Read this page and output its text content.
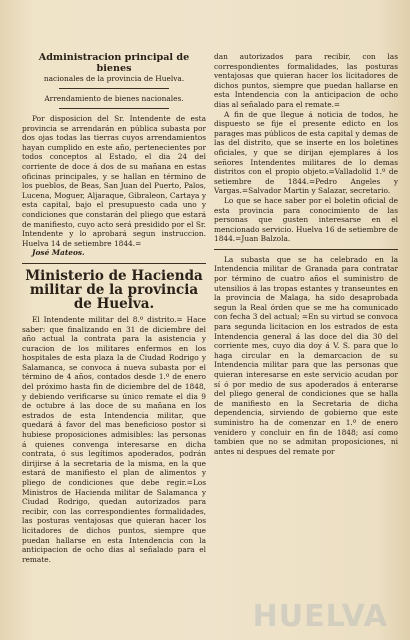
Administracion principal de bienes

nacionales de la provincia de Huelva.

Arrendamiento de bienes nacionales.

Por disposicion del Sr. Intendente de esta provincia se arrendarán en pública subasta por dos ojas todas las tierras cuyos arrendamientos hayan cumplido en este año, pertenecientes por todos conceptos al Estado, el dia 24 del corriente de doce á dos de su mañana en estas oficinas principales, y se hallan en término de los pueblos, de Beas, San Juan del Puerto, Palos, Lucena, Moguer, Aljaraque, Gibraleon, Cartaya y esta capital, bajo el presupuesto cada uno y condiciones que constarán del pliego que estará de manifiesto, cuyo acto será presidido por el Sr. Intendente y lo aprobará segun instruccion. Huelva 14 de setiembre 1844.=

José Mateos.

Ministerio de Hacienda militar de la provincia de Huelva.

El Intendente militar del 8.º distrito.= Hace saber: que finalizando en 31 de diciembre del año actual la contrata para la asistencia y curacion de los militares enfermos en los hospitales de esta plaza la de Ciudad Rodrigo y Salamanca, se convoca á nueva subasta por el término de 4 años, contados desde 1.º de enero del próximo hasta fin de diciembre del de 1848, y debiendo verificarse su único remate el dia 9 de octubre á las doce de su mañana en los estrados de esta Intendencia militar, que quedará á favor del mas beneficioso postor si hubiese proposiciones admisibles: las personas á quienes convenga interesarse en dicha contrata, ó sus legítimos apoderados, podrán dirijirse á la secretaria de la misma, en la que estará de manifiesto el plan de alimentos y pliego de condiciones que debe regir.=Los Ministros de Hacienda militar de Salamanca y Ciudad Rodrigo, quedan autorizados para recibir, con las correspondientes formalidades, las posturas ventajosas que quieran hacer los licitadores de dichos puntos, siempre que puedan hallarse en esta Intendencia con la anticipacion de ocho dias al señalado para el remate.

dan autorizados para recibir, con las correspondientes formalidades, las posturas ventajosas que quieran hacer los licitadores de dichos puntos, siempre que puedan hallarse en esta Intendencia con la anticipacion de ocho dias al señalado para el remate.=

A fin de que llegue á noticia de todos, he dispuesto se fije el presente edicto en los parages mas públicos de esta capital y demas de las del distrito, que se inserte en los boletines oficiales, y que se dirijan ejemplares á los señores Intendentes militares de lo demas distritos con el propio objeto.=Valladolid 1.º de setiembre de 1844.=Pedro Angeles y Vargas.=Salvador Martin y Salazar, secretario.

Lo que se hace saber por el boletin oficial de esta provincia para conocimiento de las personas que gusten interesarse en el mencionado servicio. Huelva 16 de setiembre de 1844.=Juan Balzola.

La subasta que se ha celebrado en la Intendencia militar de Granada para contratar por término de cuatro años el suministro de utensilios á las tropas estantes y transeuntes en la provincia de Malaga, ha sido desaprobada segun la Real órden que se me ha comunicado con fecha 3 del actual; =En su virtud se convoca para segunda licitacion en los estrados de esta Intendencia general á las doce del dia 30 del corriente mes, cuyo dia doy á V. S. para que lo haga circular en la demarcacion de su Intendencia militar para que las personas que quieran interesarse en este servicio acudan por sí ó por medio de sus apoderados á enterarse del pliego general de condiciones que se halla de manifiesto en la Secretaria de dicha dependencia, sirviendo de gobierno que este suministro ha de comenzar en 1.º de enero venidero y concluir en fin de 1848; así como tambien que no se admitan proposiciones, ni antes ni despues del remate por

HUELVA
